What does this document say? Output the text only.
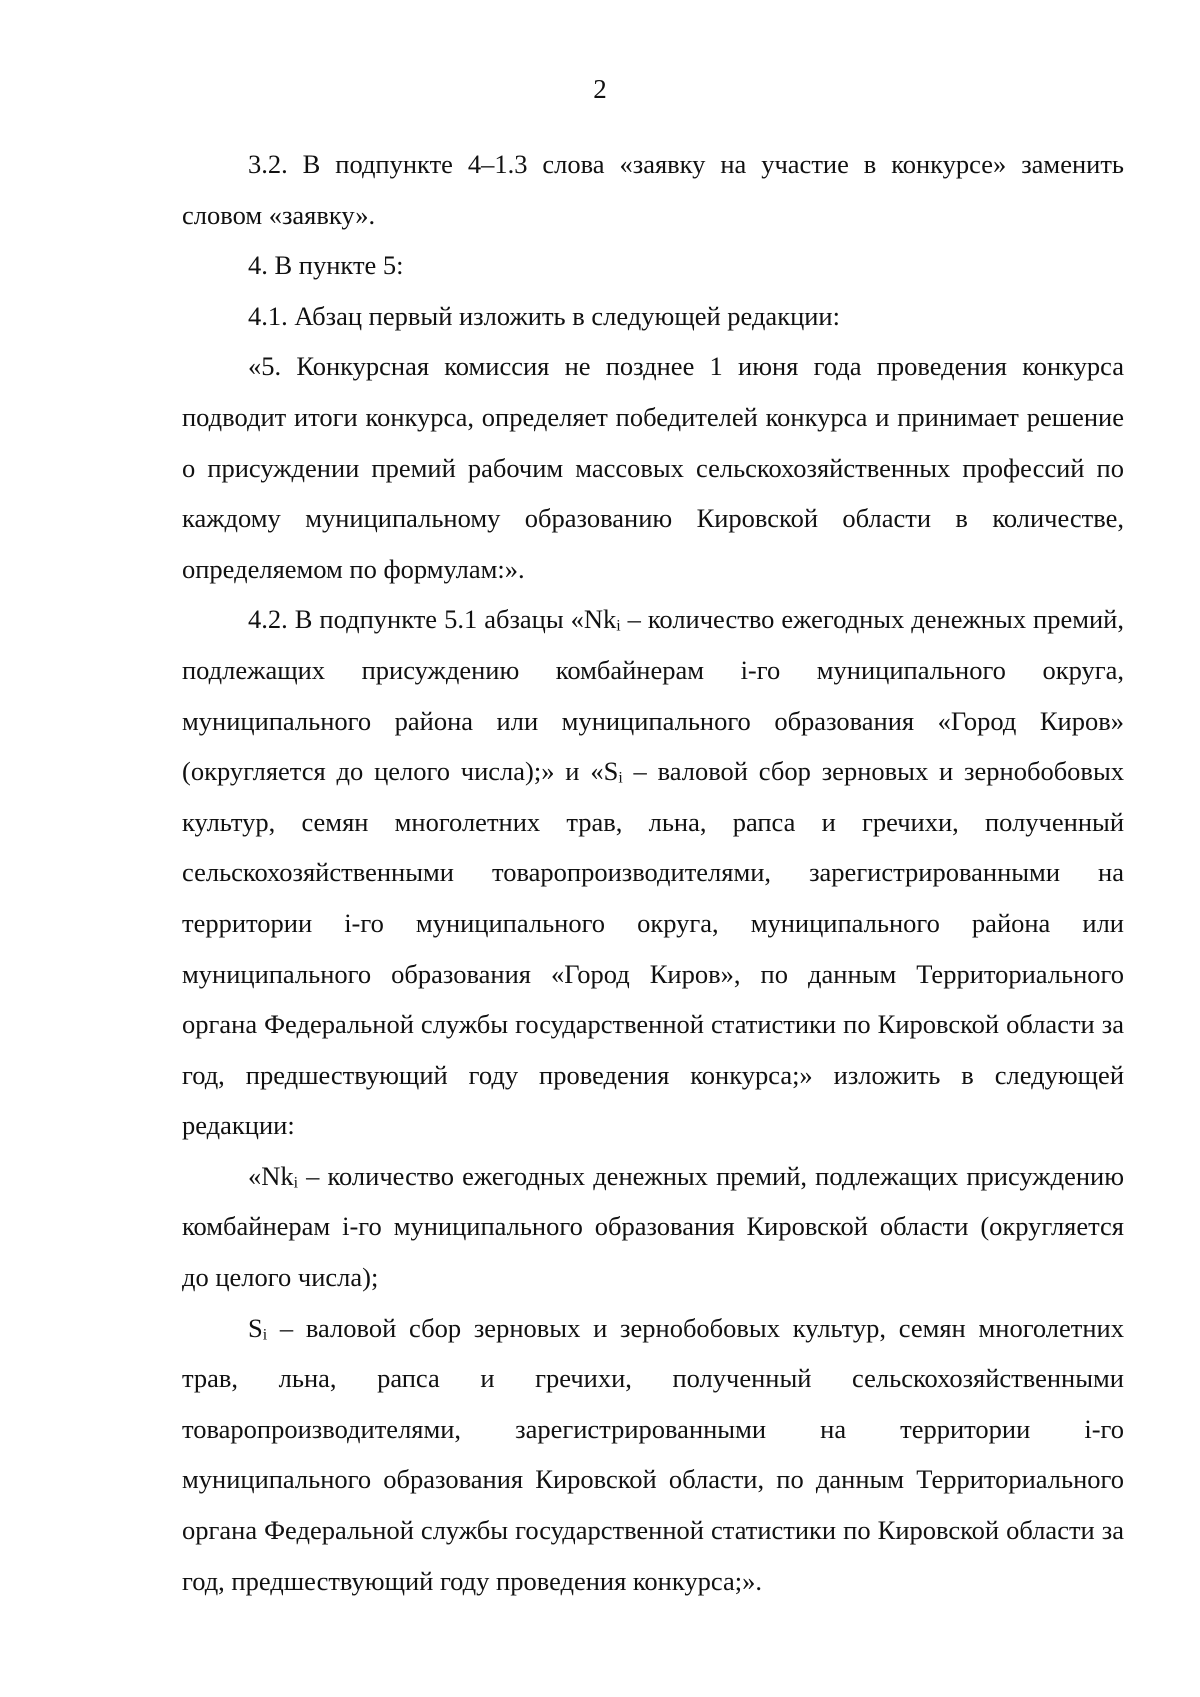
2

3.2. В подпункте 4–1.3 слова «заявку на участие в конкурсе» заменить словом «заявку».

4. В пункте 5:

4.1. Абзац первый изложить в следующей редакции:

«5. Конкурсная комиссия не позднее 1 июня года проведения конкурса подводит итоги конкурса, определяет победителей конкурса и принимает решение о присуждении премий рабочим массовых сельскохозяйственных профессий по каждому муниципальному образованию Кировской области в количестве, определяемом по формулам:».

4.2. В подпункте 5.1 абзацы «Nkᵢ – количество ежегодных денежных премий, подлежащих присуждению комбайнерам i-го муниципального округа, муниципального района или муниципального образования «Город Киров» (округляется до целого числа);» и «Sᵢ – валовой сбор зерновых и зернобобовых культур, семян многолетних трав, льна, рапса и гречихи, полученный сельскохозяйственными товаропроизводителями, зарегистрированными на территории i-го муниципального округа, муниципального района или муниципального образования «Город Киров», по данным Территориального органа Федеральной службы государственной статистики по Кировской области за год, предшествующий году проведения конкурса;» изложить в следующей редакции:

«Nkᵢ – количество ежегодных денежных премий, подлежащих присуждению комбайнерам i-го муниципального образования Кировской области (округляется до целого числа);

Sᵢ – валовой сбор зерновых и зернобобовых культур, семян многолетних трав, льна, рапса и гречихи, полученный сельскохозяйственными товаропроизводителями, зарегистрированными на территории i-го муниципального образования Кировской области, по данным Территориального органа Федеральной службы государственной статистики по Кировской области за год, предшествующий году проведения конкурса;».
